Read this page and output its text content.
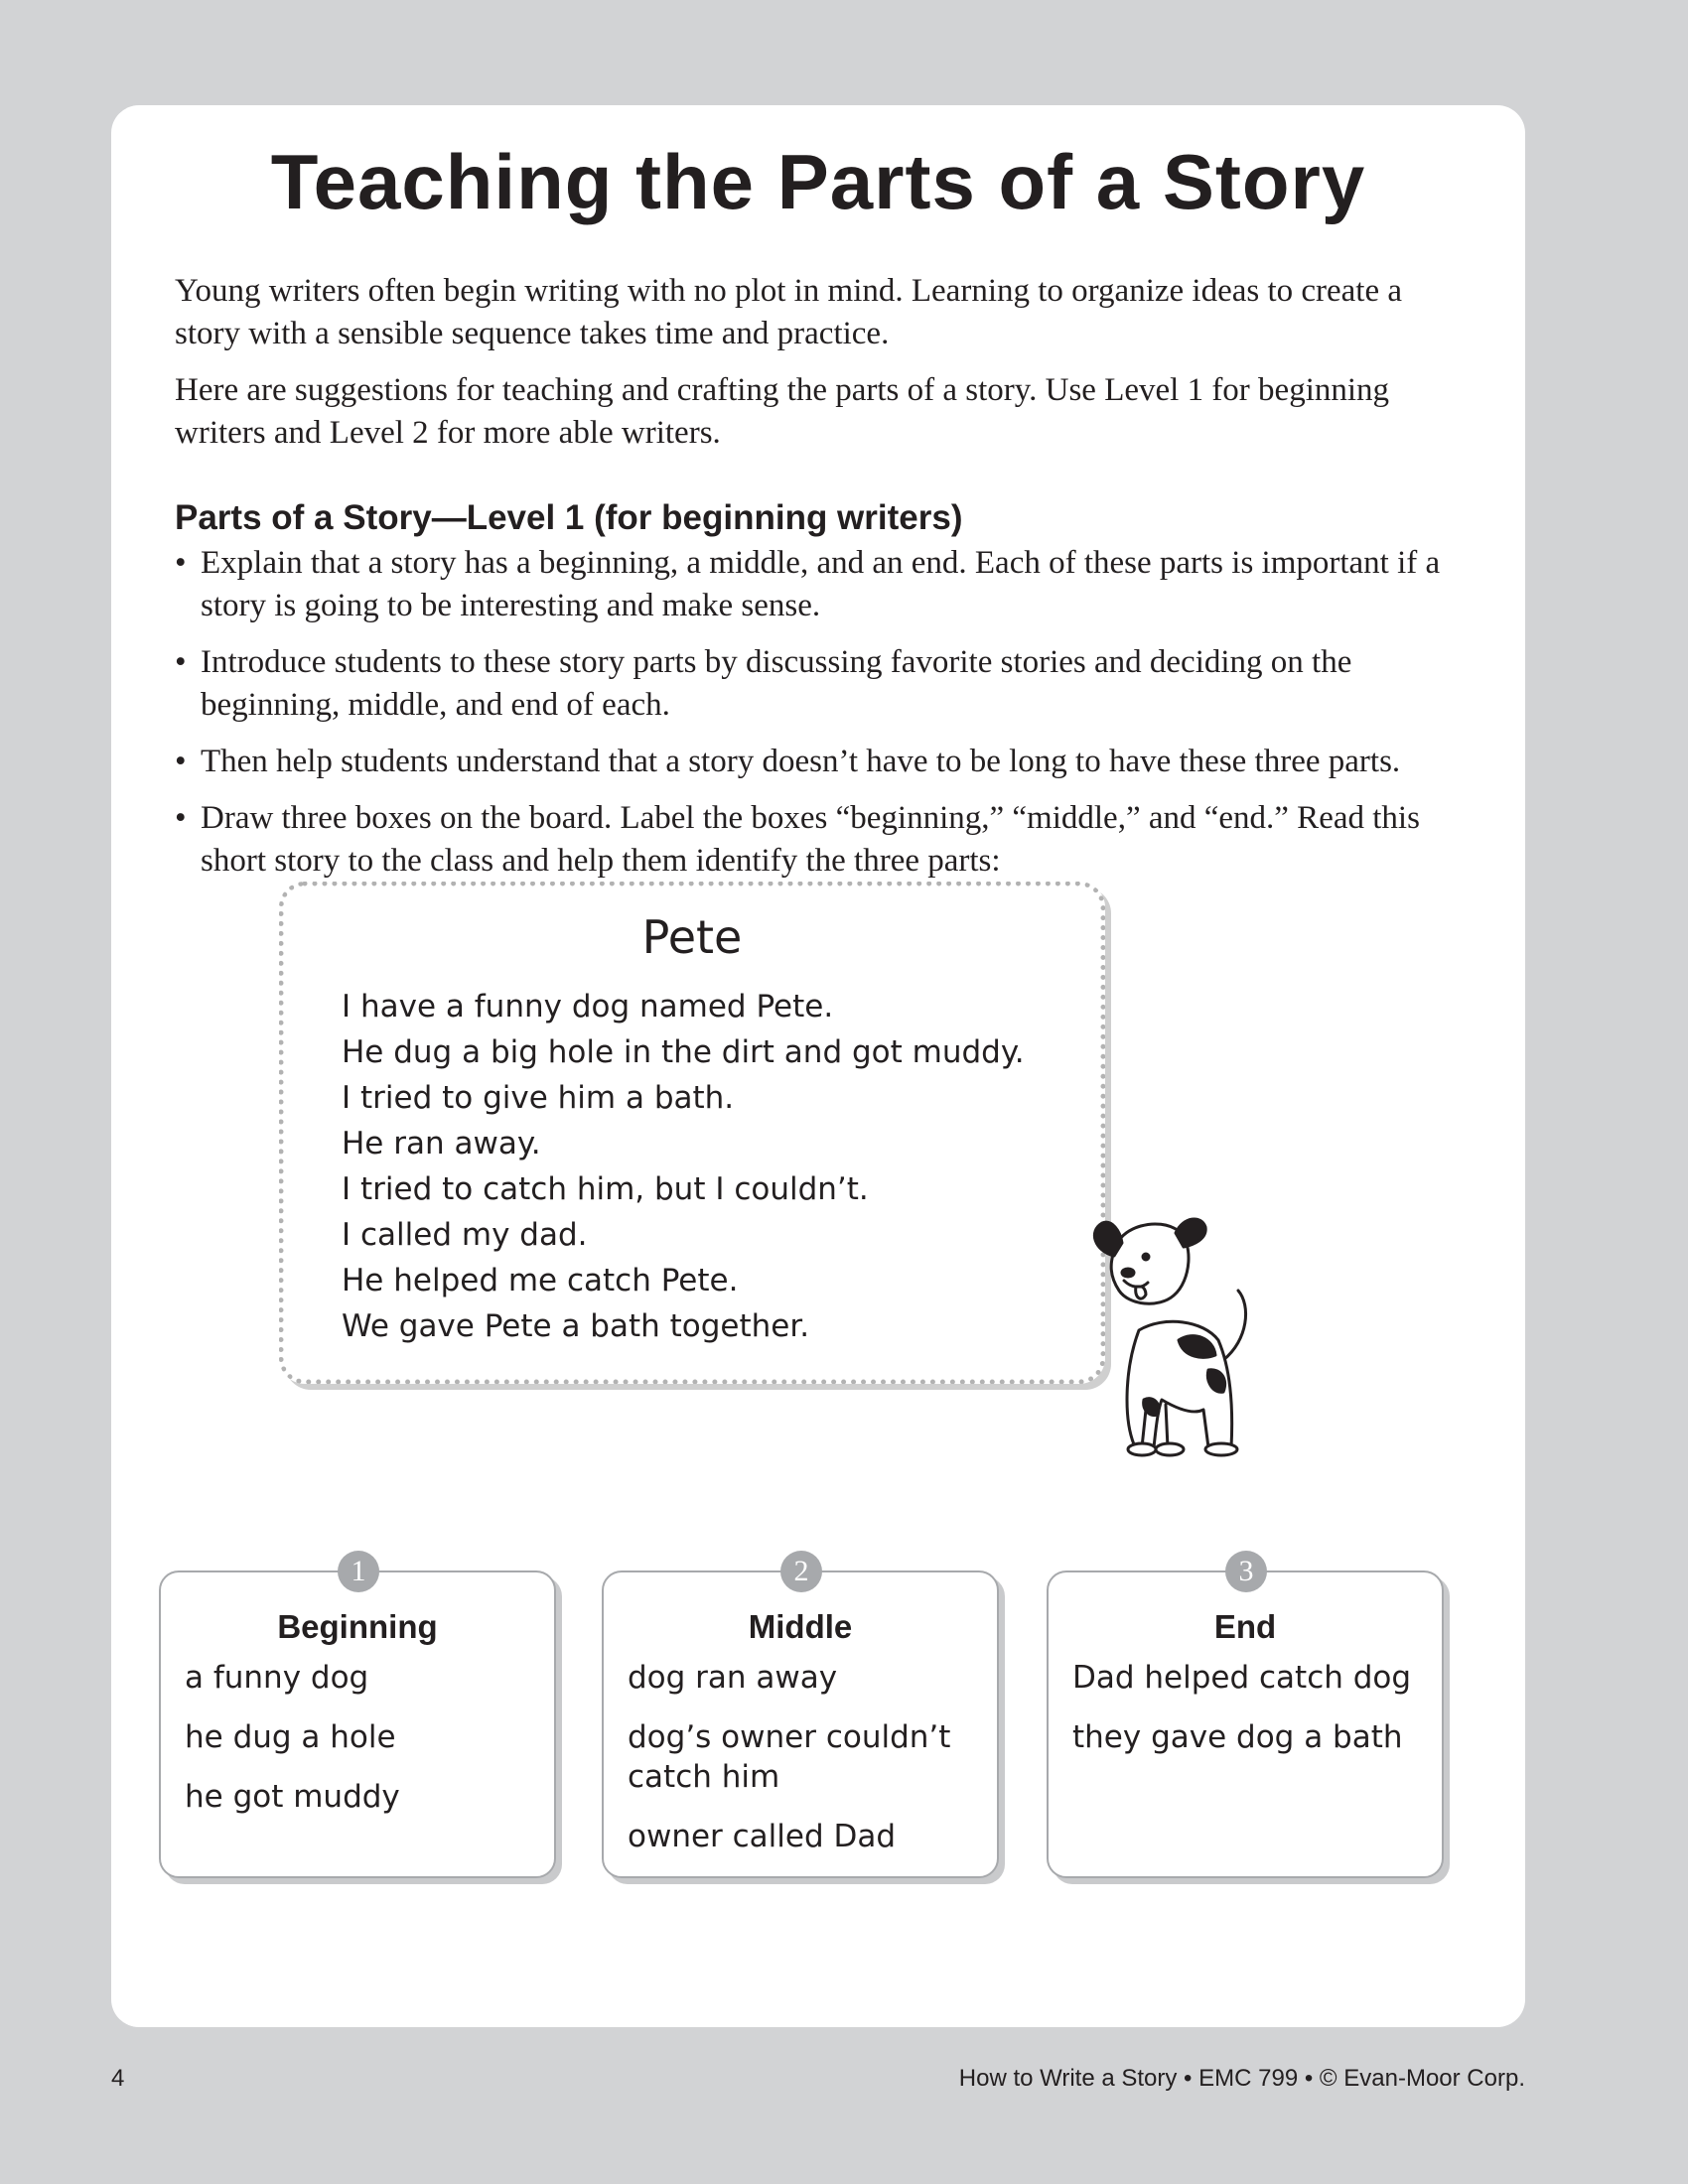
Teaching the Parts of a Story

Young writers often begin writing with no plot in mind. Learning to organize ideas to create a story with a sensible sequence takes time and practice.

Here are suggestions for teaching and crafting the parts of a story. Use Level 1 for beginning writers and Level 2 for more able writers.

Parts of a Story—Level 1 (for beginning writers)
• Explain that a story has a beginning, a middle, and an end. Each of these parts is important if a story is going to be interesting and make sense.
• Introduce students to these story parts by discussing favorite stories and deciding on the beginning, middle, and end of each.
• Then help students understand that a story doesn’t have to be long to have these three parts.
• Draw three boxes on the board. Label the boxes “beginning,” “middle,” and “end.” Read this short story to the class and help them identify the three parts:
Pete
I have a funny dog named Pete.
He dug a big hole in the dirt and got muddy.
I tried to give him a bath.
He ran away.
I tried to catch him, but I couldn’t.
I called my dad.
He helped me catch Pete.
We gave Pete a bath together.
1
Beginning
a funny dog
he dug a hole
he got muddy
2
Middle
dog ran away
dog’s owner couldn’t catch him
owner called Dad
3
End
Dad helped catch dog
they gave dog a bath
4	How to Write a Story • EMC 799 • © Evan-Moor Corp.
